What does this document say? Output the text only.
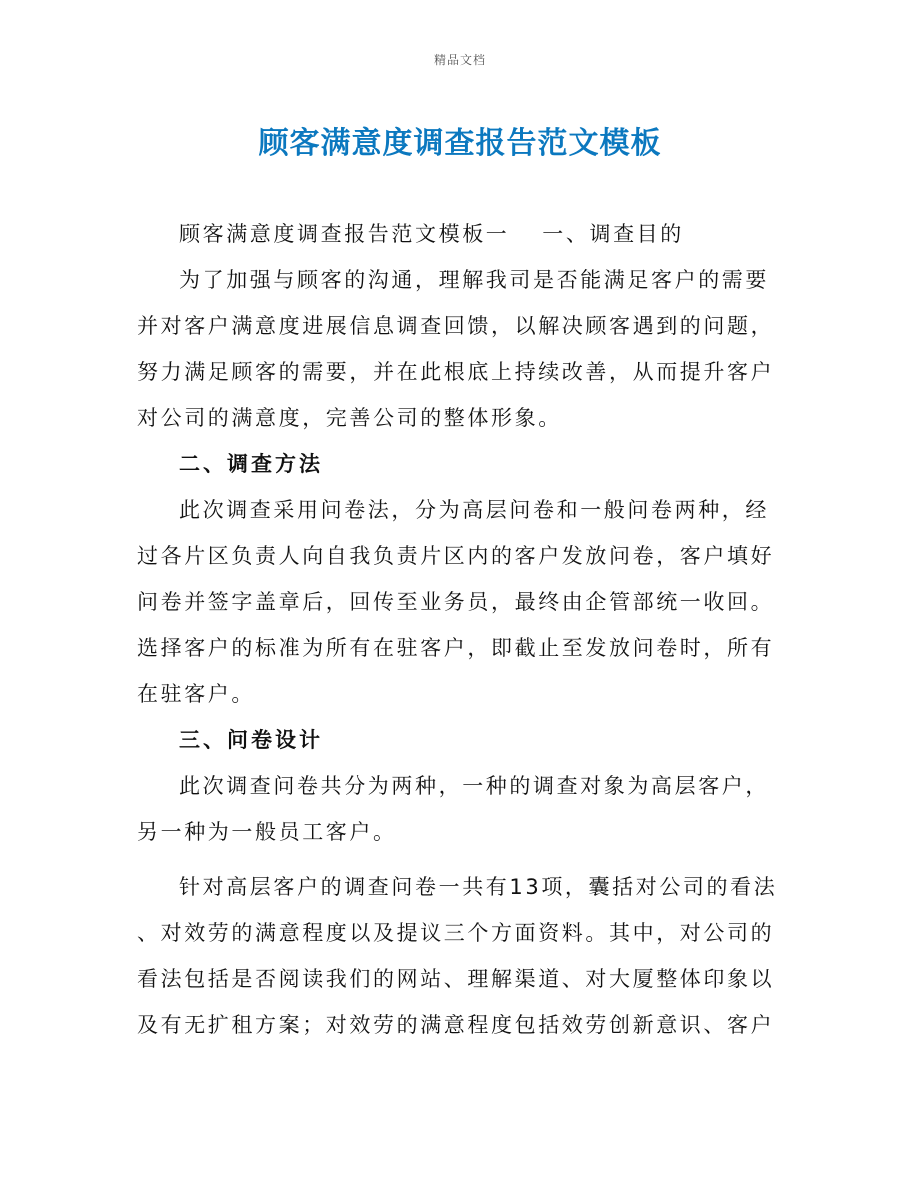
精品文档
顾客满意度调查报告范文模板
顾客满意度调查报告范文模板一　 一、调查目的
为了加强与顾客的沟通，理解我司是否能满足客户的需要
并对客户满意度进展信息调查回馈，以解决顾客遇到的问题，
努力满足顾客的需要，并在此根底上持续改善，从而提升客户
对公司的满意度，完善公司的整体形象。
二、调查方法
此次调查采用问卷法，分为高层问卷和一般问卷两种，经
过各片区负责人向自我负责片区内的客户发放问卷，客户填好
问卷并签字盖章后，回传至业务员，最终由企管部统一收回。
选择客户的标准为所有在驻客户，即截止至发放问卷时，所有
在驻客户。
三、问卷设计
此次调查问卷共分为两种，一种的调查对象为高层客户，
另一种为一般员工客户。
针对高层客户的调查问卷一共有13项，囊括对公司的看法
、对效劳的满意程度以及提议三个方面资料。其中，对公司的
看法包括是否阅读我们的网站、理解渠道、对大厦整体印象以
及有无扩租方案；对效劳的满意程度包括效劳创新意识、客户
